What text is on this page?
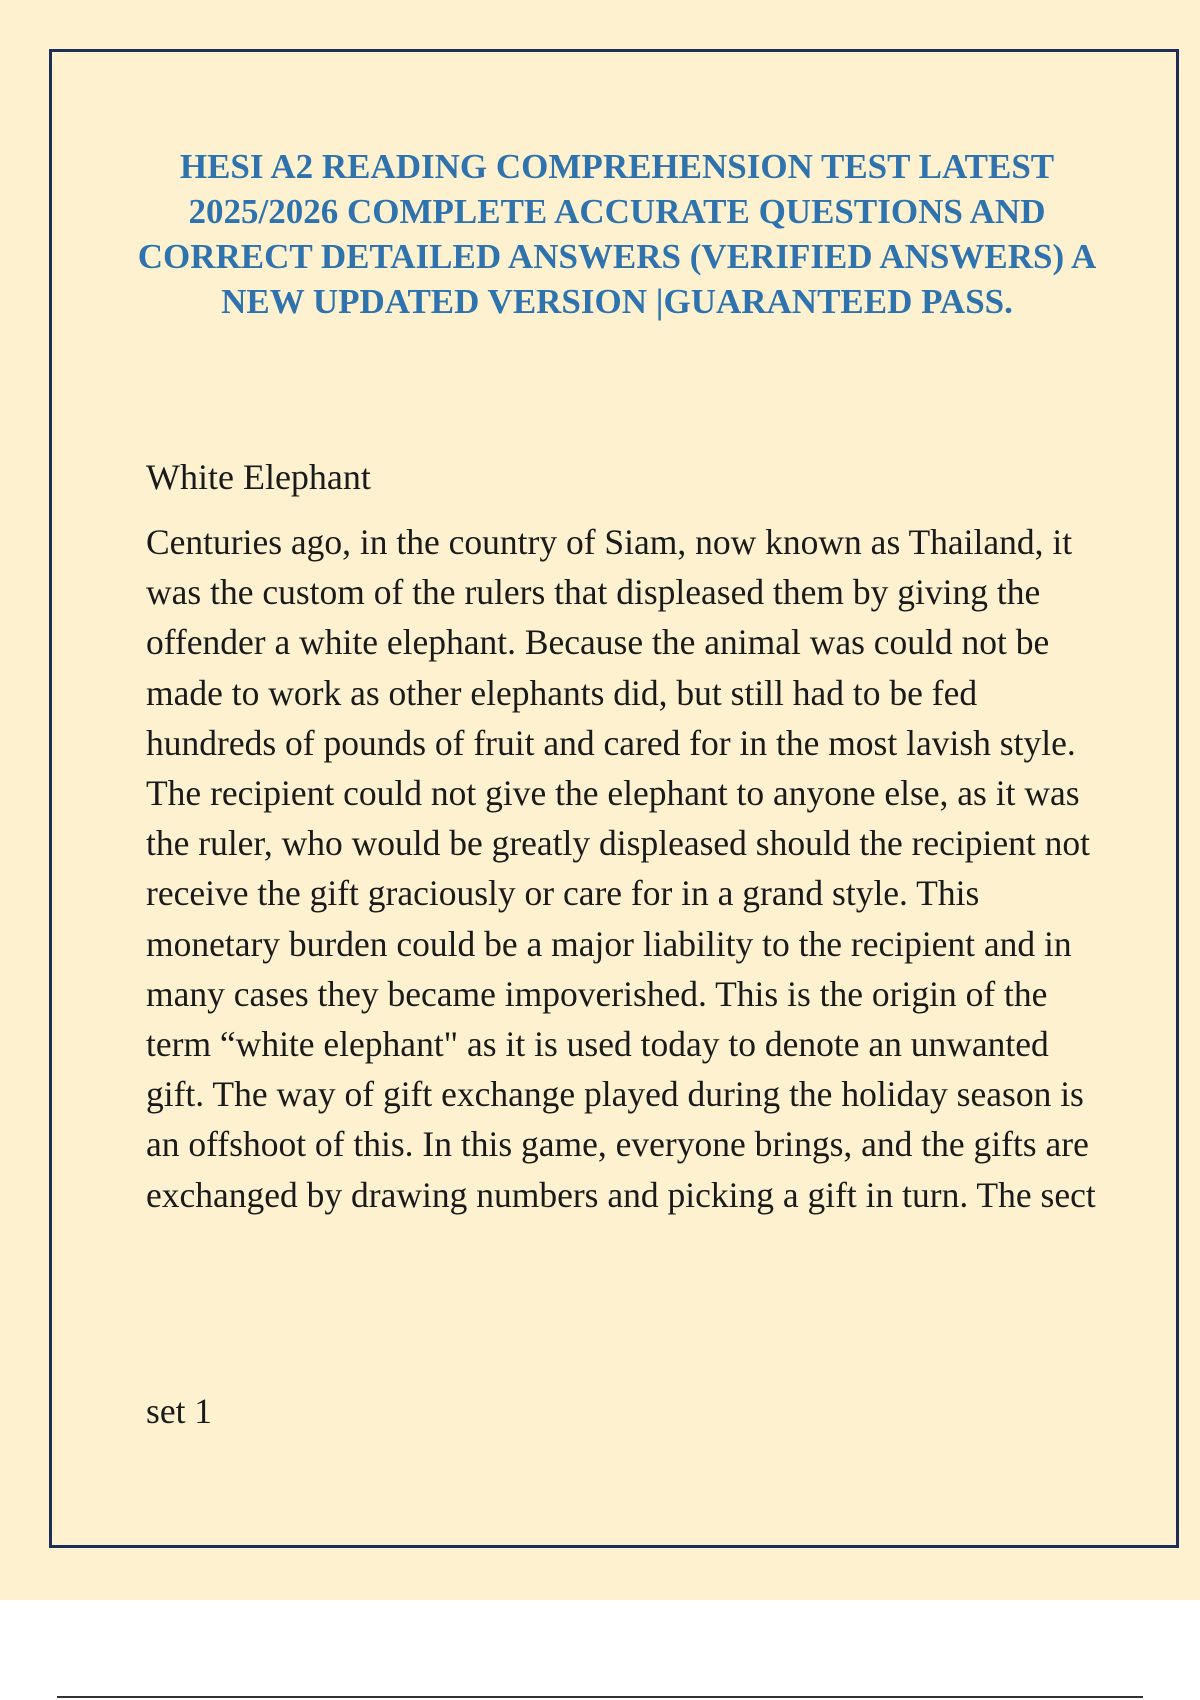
HESI A2 READING COMPREHENSION TEST LATEST 2025/2026 COMPLETE ACCURATE QUESTIONS AND CORRECT DETAILED ANSWERS (VERIFIED ANSWERS) A NEW UPDATED VERSION |GUARANTEED PASS.
White Elephant

Centuries ago, in the country of Siam, now known as Thailand, it was the custom of the rulers that displeased them by giving the offender a white elephant. Because the animal was could not be made to work as other elephants did, but still had to be fed hundreds of pounds of fruit and cared for in the most lavish style. The recipient could not give the elephant to anyone else, as it was the ruler, who would be greatly displeased should the recipient not receive the gift graciously or care for in a grand style. This monetary burden could be a major liability to the recipient and in many cases they became impoverished. This is the origin of the term “white elephant" as it is used today to denote an unwanted gift. The way of gift exchange played during the holiday season is an offshoot of this. In this game, everyone brings, and the gifts are exchanged by drawing numbers and picking a gift in turn. The sect

set 1
